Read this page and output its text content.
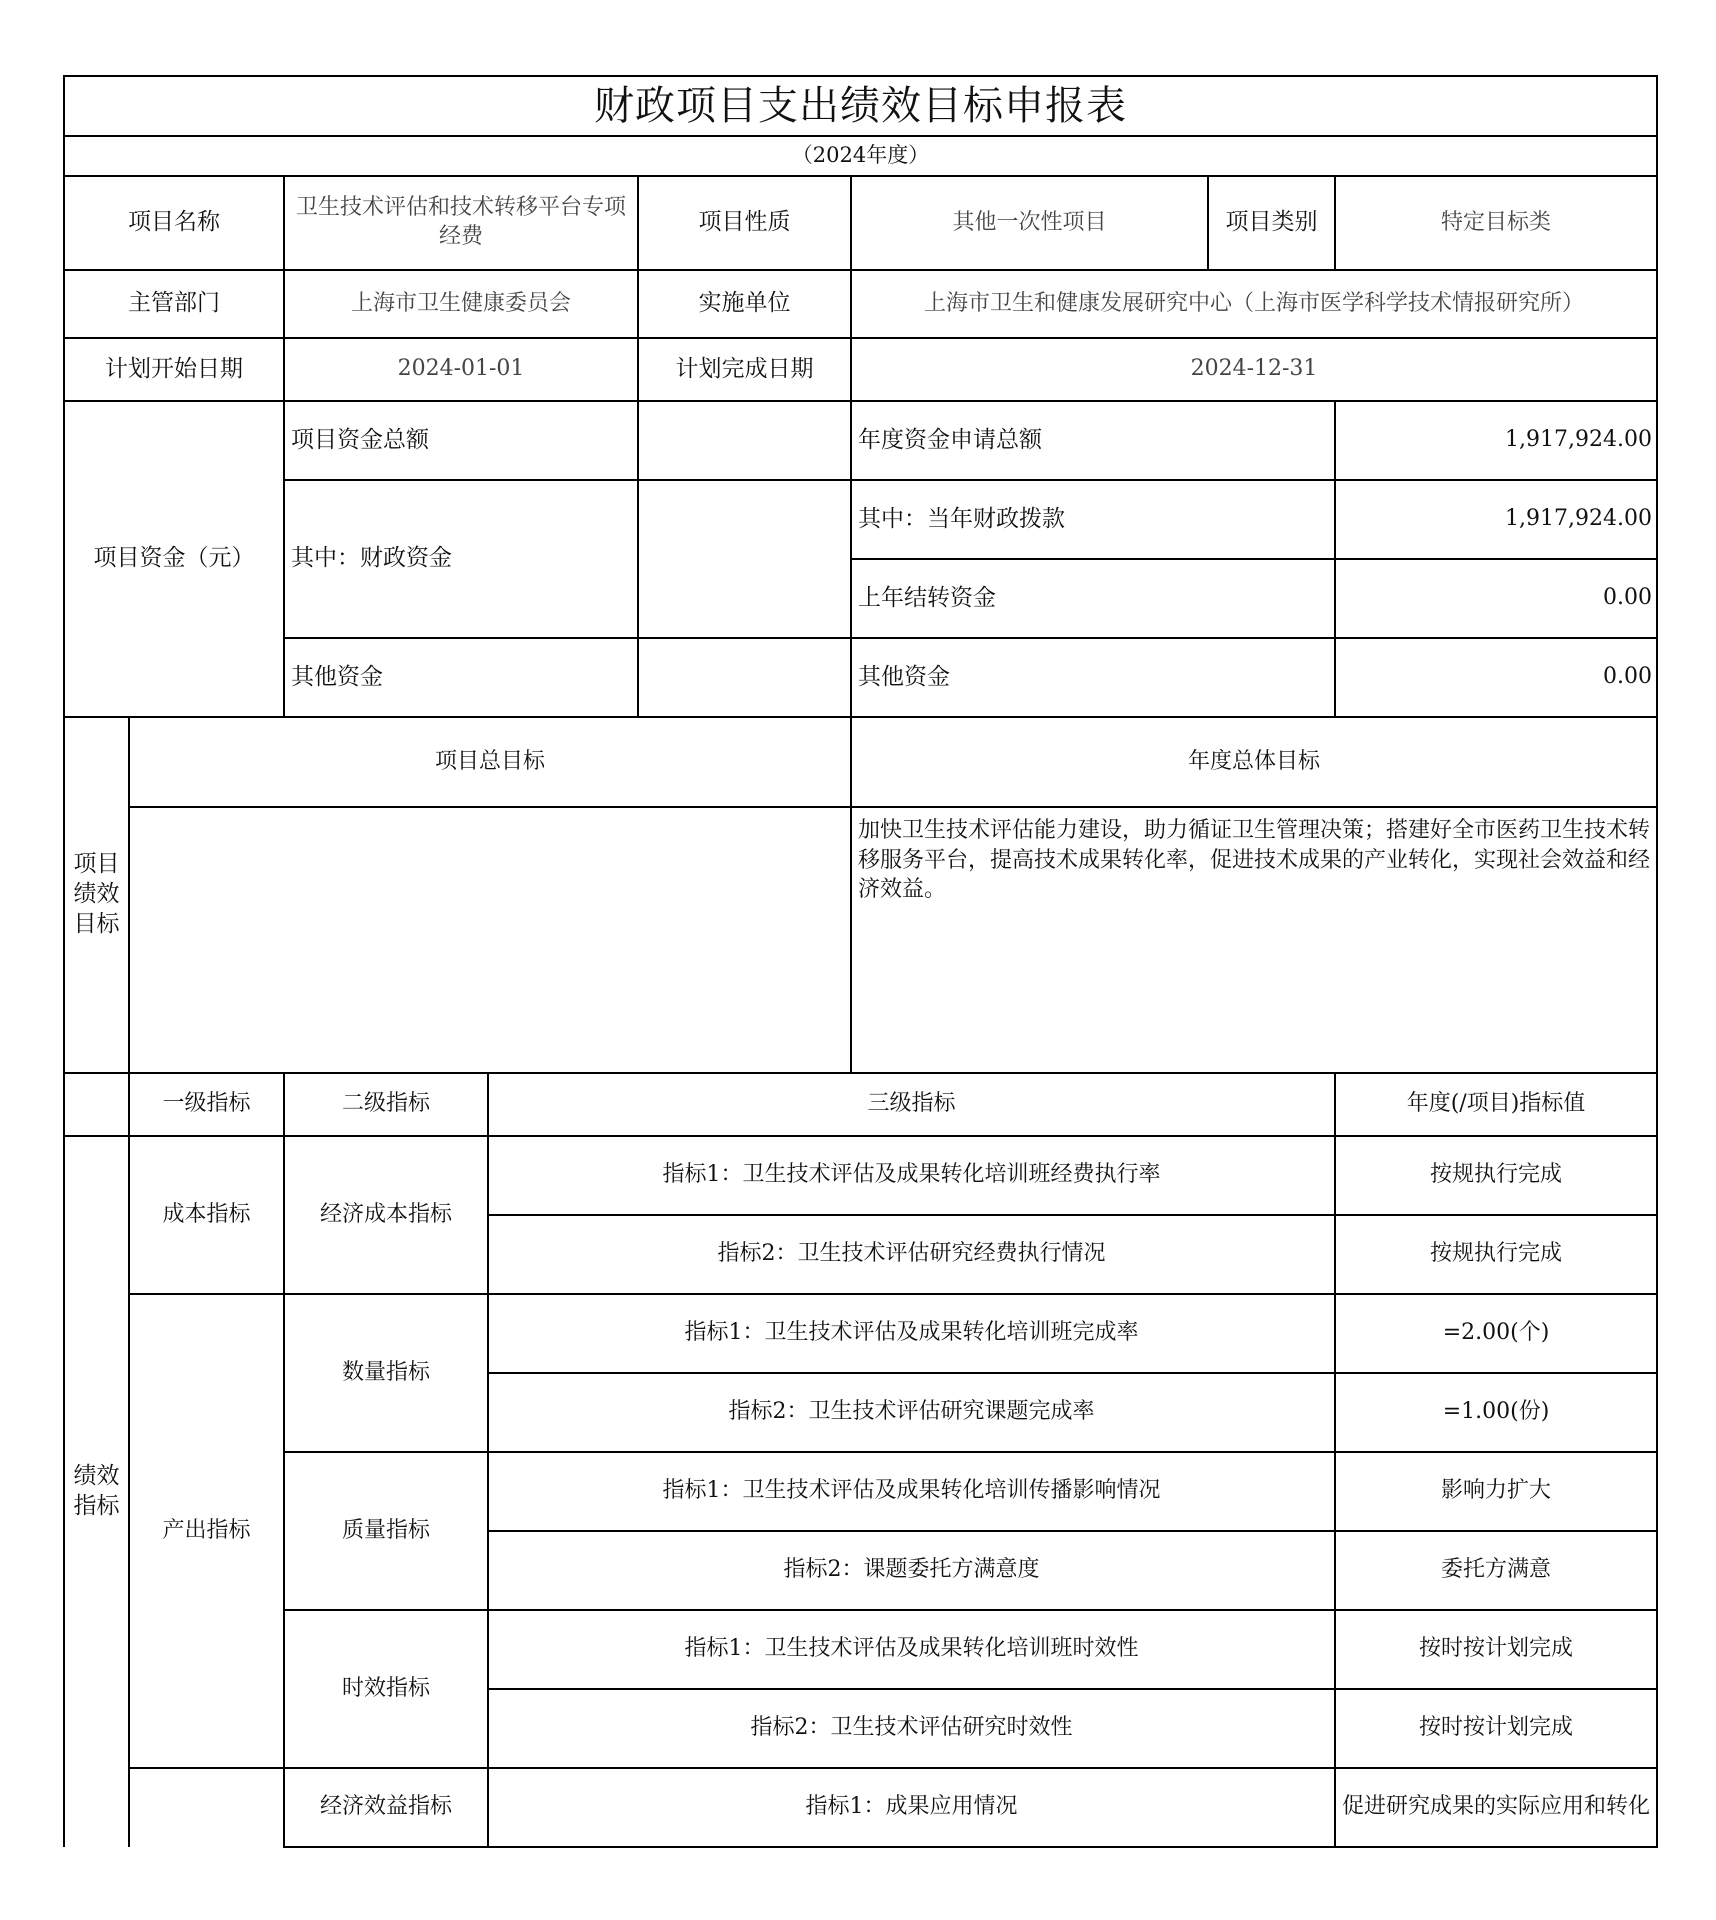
财政项目支出绩效目标申报表							
（2024年度）							
项目名称		卫生技术评估和技术转移平台专项经费		项目性质	其他一次性项目	项目类别	特定目标类
主管部门		上海市卫生健康委员会		实施单位	上海市卫生和健康发展研究中心（上海市医学科学技术情报研究所）		
计划开始日期		2024-01-01		计划完成日期	2024-12-31		
项目资金（元）		项目资金总额			年度资金申请总额		1,917,924.00
		其中：财政资金			其中：当年财政拨款		1,917,924.00
					上年结转资金		0.00
		其他资金			其他资金		0.00
项目绩效目标	项目总目标				年度总体目标		
					加快卫生技术评估能力建设，助力循证卫生管理决策；搭建好全市医药卫生技术转移服务平台，提高技术成果转化率，促进技术成果的产业转化，实现社会效益和经济效益。		
	一级指标	二级指标	三级指标				年度(/项目)指标值
绩效指标	成本指标	经济成本指标	指标1：卫生技术评估及成果转化培训班经费执行率				按规执行完成
			指标2：卫生技术评估研究经费执行情况				按规执行完成
	产出指标	数量指标	指标1：卫生技术评估及成果转化培训班完成率				=2.00(个)
			指标2：卫生技术评估研究课题完成率				=1.00(份)
		质量指标	指标1：卫生技术评估及成果转化培训传播影响情况				影响力扩大
			指标2：课题委托方满意度				委托方满意
		时效指标	指标1：卫生技术评估及成果转化培训班时效性				按时按计划完成
			指标2：卫生技术评估研究时效性				按时按计划完成
		经济效益指标	指标1：成果应用情况				促进研究成果的实际应用和转化
